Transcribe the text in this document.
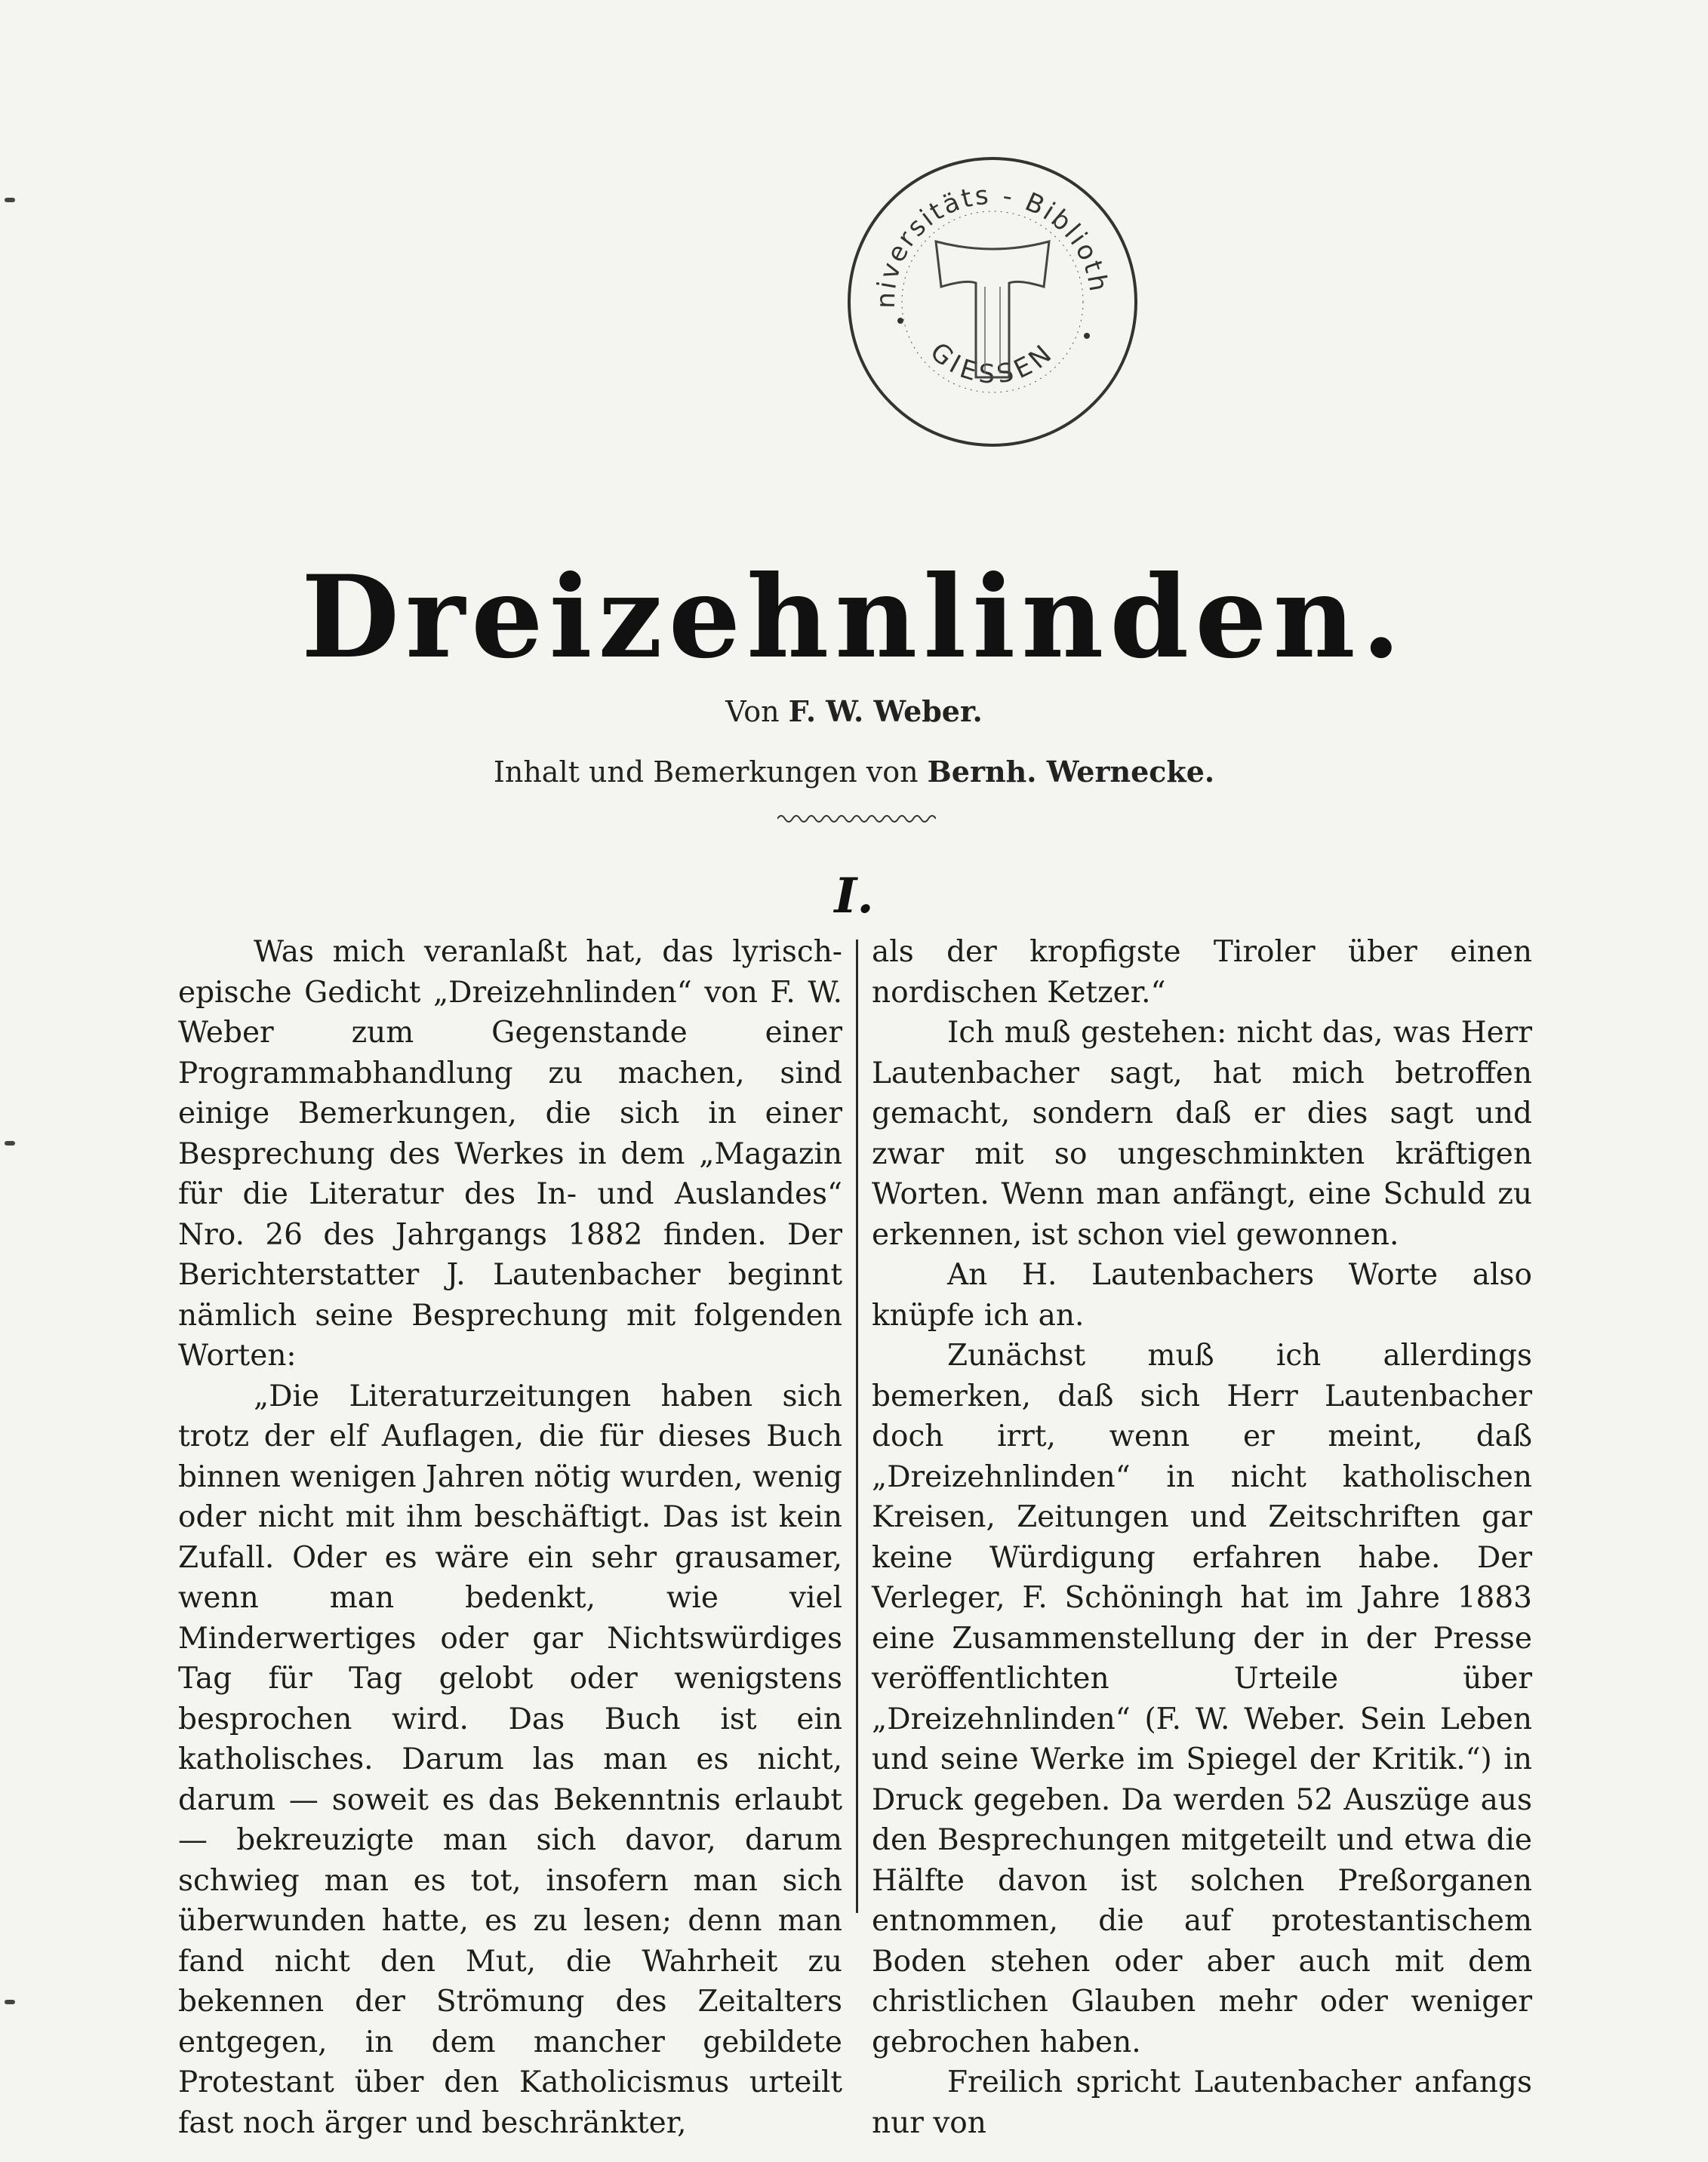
niversitäts - Biblioth
GIESSEN
Dreizehnlinden.
Von F. W. Weber.
Inhalt und Bemerkungen von Bernh. Wernecke.
I.

Was mich veranlaßt hat, das lyrisch-epische Gedicht „Dreizehnlinden“ von F. W. Weber zum Gegenstande einer Programmabhandlung zu machen, sind einige Bemerkungen, die sich in einer Besprechung des Werkes in dem „Magazin für die Literatur des In- und Auslandes“ Nro. 26 des Jahrgangs 1882 finden. Der Berichterstatter J. Lautenbacher beginnt nämlich seine Besprechung mit folgenden Worten:

„Die Literaturzeitungen haben sich trotz der elf Auflagen, die für dieses Buch binnen wenigen Jahren nötig wurden, wenig oder nicht mit ihm beschäftigt. Das ist kein Zufall. Oder es wäre ein sehr grausamer, wenn man bedenkt, wie viel Minderwertiges oder gar Nichtswürdiges Tag für Tag gelobt oder wenigstens besprochen wird. Das Buch ist ein katholisches. Darum las man es nicht, darum — soweit es das Bekenntnis erlaubt — bekreuzigte man sich davor, darum schwieg man es tot, insofern man sich überwunden hatte, es zu lesen; denn man fand nicht den Mut, die Wahrheit zu bekennen der Strömung des Zeitalters entgegen, in dem mancher gebildete Protestant über den Katholicismus urteilt fast noch ärger und beschränkter,

als der kropfigste Tiroler über einen nordischen Ketzer.“

Ich muß gestehen: nicht das, was Herr Lautenbacher sagt, hat mich betroffen gemacht, sondern daß er dies sagt und zwar mit so ungeschminkten kräftigen Worten. Wenn man anfängt, eine Schuld zu erkennen, ist schon viel gewonnen.

An H. Lautenbachers Worte also knüpfe ich an.

Zunächst muß ich allerdings bemerken, daß sich Herr Lautenbacher doch irrt, wenn er meint, daß „Dreizehnlinden“ in nicht katholischen Kreisen, Zeitungen und Zeitschriften gar keine Würdigung erfahren habe. Der Verleger, F. Schöningh hat im Jahre 1883 eine Zusammenstellung der in der Presse veröffentlichten Urteile über „Dreizehnlinden“ (F. W. Weber. Sein Leben und seine Werke im Spiegel der Kritik.“) in Druck gegeben. Da werden 52 Auszüge aus den Besprechungen mitgeteilt und etwa die Hälfte davon ist solchen Preßorganen entnommen, die auf protestantischem Boden stehen oder aber auch mit dem christlichen Glauben mehr oder weniger gebrochen haben.

Freilich spricht Lautenbacher anfangs nur von
